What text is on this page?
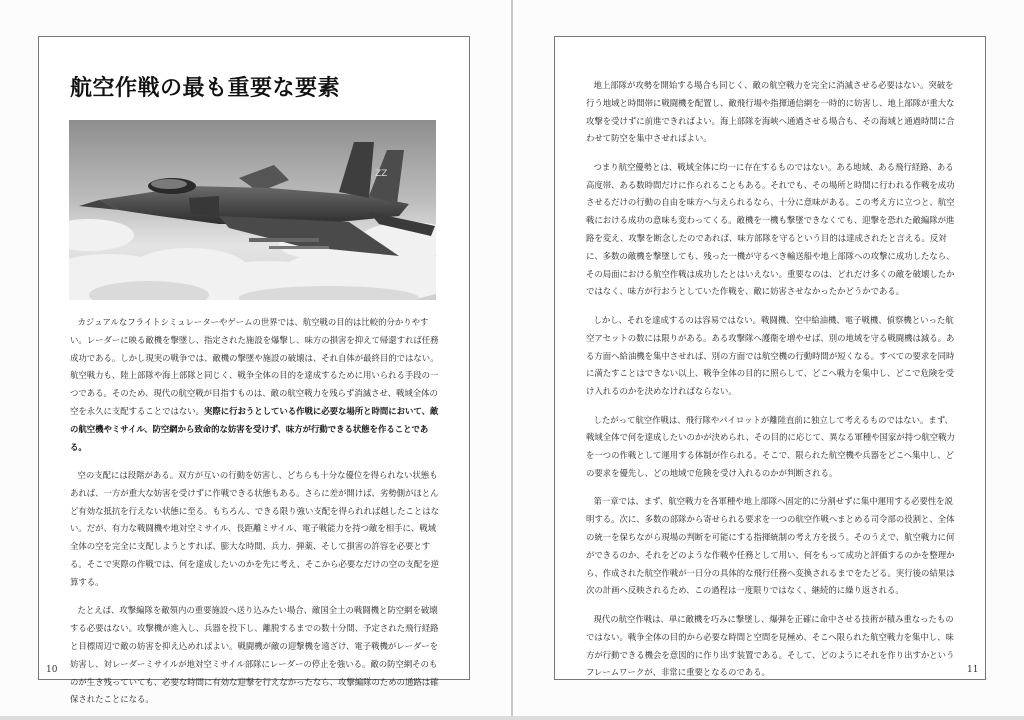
航空作戦の最も重要な要素
ZZ

カジュアルなフライトシミュレーターやゲームの世界では、航空戦の目的は比較的分かりやすい。レーダーに映る敵機を撃墜し、指定された施設を爆撃し、味方の損害を抑えて帰還すれば任務成功である。しかし現実の戦争では、敵機の撃墜や施設の破壊は、それ自体が最終目的ではない。航空戦力も、陸上部隊や海上部隊と同じく、戦争全体の目的を達成するために用いられる手段の一つである。そのため、現代の航空戦が目指すものは、敵の航空戦力を残らず消滅させ、戦域全体の空を永久に支配することではない。実際に行おうとしている作戦に必要な場所と時間において、敵の航空機やミサイル、防空網から致命的な妨害を受けず、味方が行動できる状態を作ることである。

空の支配には段階がある。双方が互いの行動を妨害し、どちらも十分な優位を得られない状態もあれば、一方が重大な妨害を受けずに作戦できる状態もある。さらに差が開けば、劣勢側がほとんど有効な抵抗を行えない状態に至る。もちろん、できる限り強い支配を得られれば越したことはない。だが、有力な戦闘機や地対空ミサイル、長距離ミサイル、電子戦能力を持つ敵を相手に、戦域全体の空を完全に支配しようとすれば、膨大な時間、兵力、弾薬、そして損害の許容を必要とする。そこで実際の作戦では、何を達成したいのかを先に考え、そこから必要なだけの空の支配を逆算する。

たとえば、攻撃編隊を敵領内の重要施設へ送り込みたい場合、敵国全土の戦闘機と防空網を破壊する必要はない。攻撃機が進入し、兵器を投下し、離脱するまでの数十分間、予定された飛行経路と目標周辺で敵の妨害を抑え込めればよい。戦闘機が敵の迎撃機を遠ざけ、電子戦機がレーダーを妨害し、対レーダーミサイルが地対空ミサイル部隊にレーダーの停止を強いる。敵の防空網そのものが生き残っていても、必要な時間に有効な迎撃を行えなかったなら、攻撃編隊のための通路は確保されたことになる。

10	11

地上部隊が攻勢を開始する場合も同じく、敵の航空戦力を完全に消滅させる必要はない。突破を行う地域と時間帯に戦闘機を配置し、敵飛行場や指揮通信網を一時的に妨害し、地上部隊が重大な攻撃を受けずに前進できればよい。海上部隊を海峡へ通過させる場合も、その海域と通過時間に合わせて防空を集中させればよい。

つまり航空優勢とは、戦域全体に均一に存在するものではない。ある地域、ある飛行経路、ある高度帯、ある数時間だけに作られることもある。それでも、その場所と時間に行われる作戦を成功させるだけの行動の自由を味方へ与えられるなら、十分に意味がある。この考え方に立つと、航空戦における成功の意味も変わってくる。敵機を一機も撃墜できなくても、迎撃を恐れた敵編隊が進路を変え、攻撃を断念したのであれば、味方部隊を守るという目的は達成されたと言える。反対に、多数の敵機を撃墜しても、残った一機が守るべき輸送船や地上部隊への攻撃に成功したなら、その局面における航空作戦は成功したとはいえない。重要なのは、どれだけ多くの敵を破壊したかではなく、味方が行おうとしていた作戦を、敵に妨害させなかったかどうかである。

しかし、それを達成するのは容易ではない。戦闘機、空中給油機、電子戦機、偵察機といった航空アセットの数には限りがある。ある攻撃隊へ護衛を増やせば、別の地域を守る戦闘機は減る。ある方面へ給油機を集中させれば、別の方面では航空機の行動時間が短くなる。すべての要求を同時に満たすことはできない以上、戦争全体の目的に照らして、どこへ戦力を集中し、どこで危険を受け入れるのかを決めなければならない。

したがって航空作戦は、飛行隊やパイロットが離陸直前に独立して考えるものではない。まず、戦域全体で何を達成したいのかが決められ、その目的に応じて、異なる軍種や国家が持つ航空戦力を一つの作戦として運用する体制が作られる。そこで、限られた航空機や兵器をどこへ集中し、どの要求を優先し、どの地域で危険を受け入れるのかが判断される。

第一章では、まず、航空戦力を各軍種や地上部隊へ固定的に分割せずに集中運用する必要性を説明する。次に、多数の部隊から寄せられる要求を一つの航空作戦へまとめる司令部の役割と、全体の統一を保ちながら現場の判断を可能にする指揮統制の考え方を扱う。そのうえで、航空戦力に何ができるのか、それをどのような作戦や任務として用い、何をもって成功と評価するのかを整理から、作成された航空作戦が一日分の具体的な飛行任務へ変換されるまでをたどる。実行後の結果は次の計画へ反映されるため、この過程は一度限りではなく、継続的に繰り返される。

現代の航空作戦は、単に敵機を巧みに撃墜し、爆弾を正確に命中させる技術が積み重なったものではない。戦争全体の目的から必要な時間と空間を見極め、そこへ限られた航空戦力を集中し、味方が行動できる機会を意図的に作り出す装置である。そして、どのようにそれを作り出すかというフレームワークが、非常に重要となるのである。
